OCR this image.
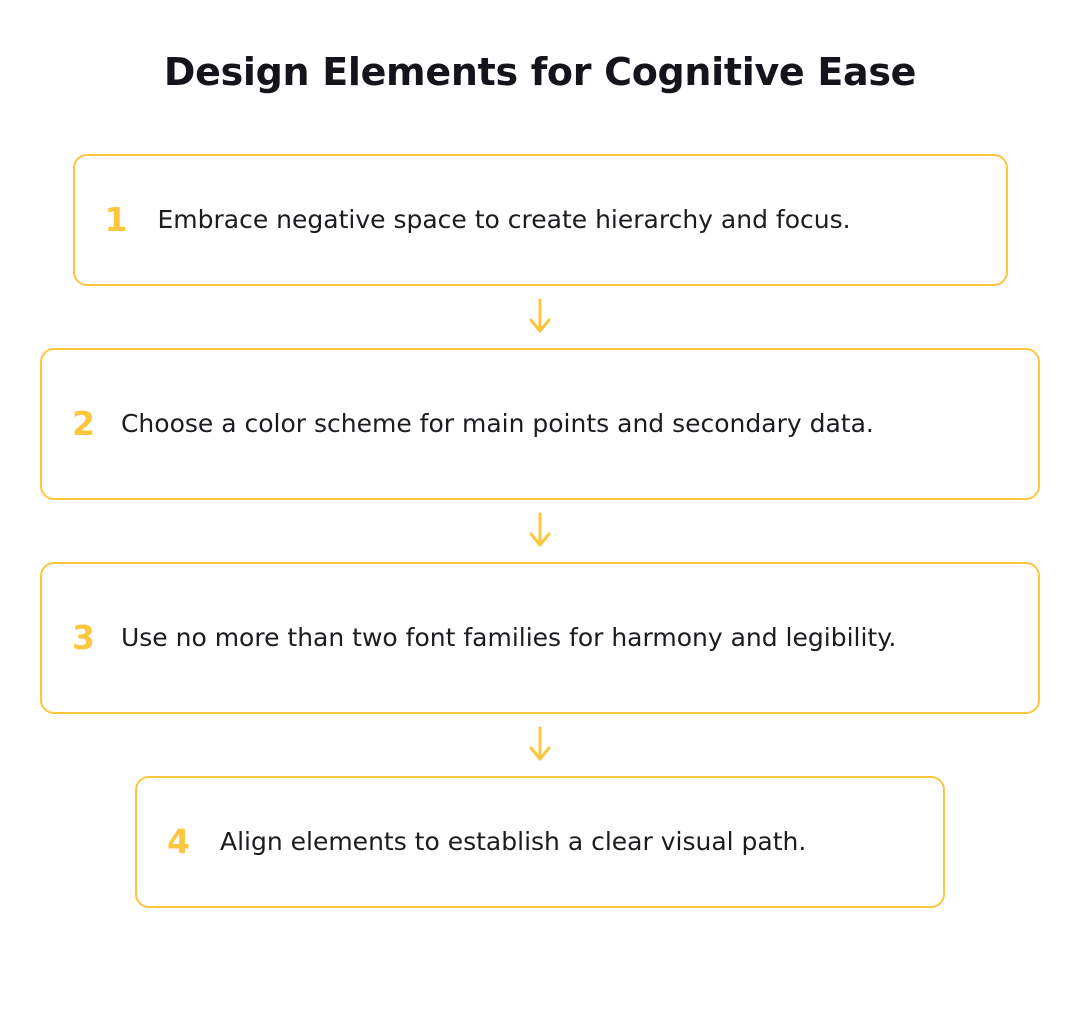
Design Elements for Cognitive Ease
1 Embrace negative space to create hierarchy and focus.
2 Choose a color scheme for main points and secondary data.
3 Use no more than two font families for harmony and legibility.
4 Align elements to establish a clear visual path.
